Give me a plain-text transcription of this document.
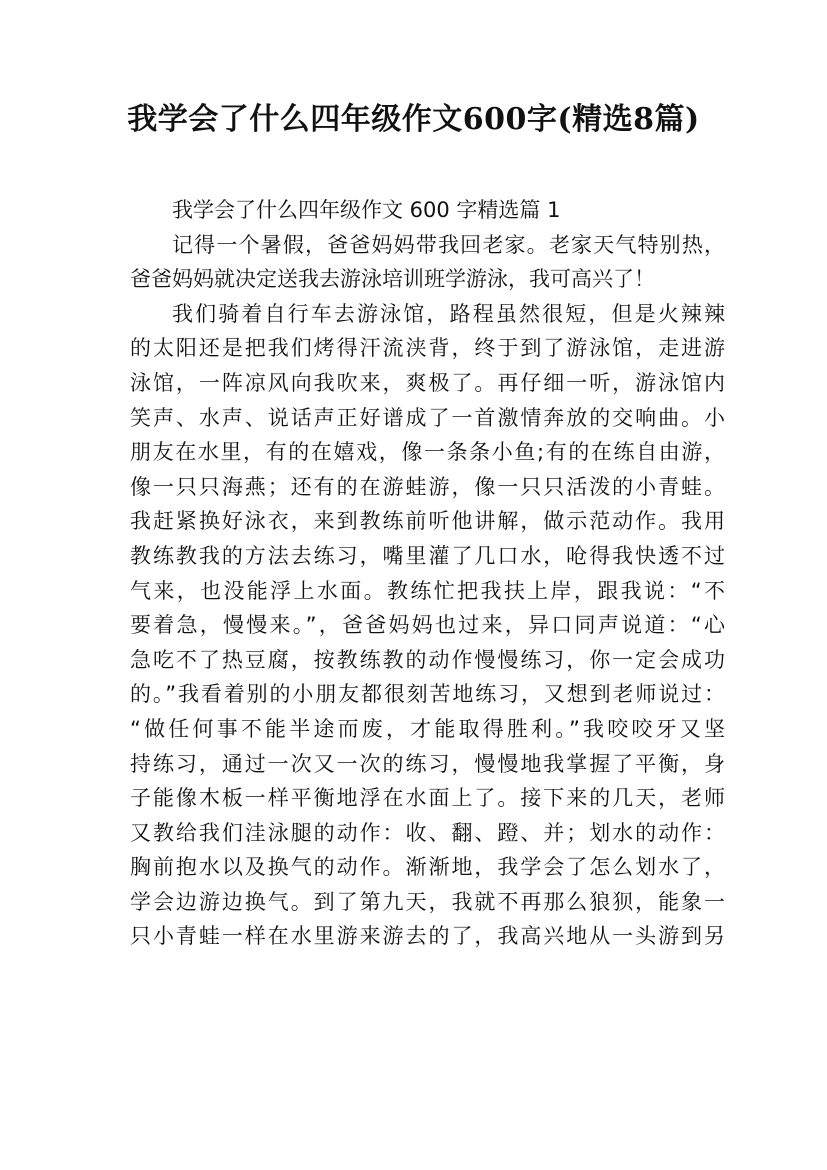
我学会了什么四年级作文600字(精选8篇)
我学会了什么四年级作文 600 字精选篇 1
记得一个暑假，爸爸妈妈带我回老家。老家天气特别热，
爸爸妈妈就决定送我去游泳培训班学游泳，我可高兴了！
我们骑着自行车去游泳馆，路程虽然很短，但是火辣辣
的太阳还是把我们烤得汗流浃背，终于到了游泳馆，走进游
泳馆，一阵凉风向我吹来，爽极了。再仔细一听，游泳馆内
笑声、水声、说话声正好谱成了一首激情奔放的交响曲。小
朋友在水里，有的在嬉戏，像一条条小鱼;有的在练自由游，
像一只只海燕；还有的在游蛙游，像一只只活泼的小青蛙。
我赶紧换好泳衣，来到教练前听他讲解，做示范动作。我用
教练教我的方法去练习，嘴里灌了几口水，呛得我快透不过
气来，也没能浮上水面。教练忙把我扶上岸，跟我说：“不
要着急，慢慢来。”，爸爸妈妈也过来，异口同声说道：“心
急吃不了热豆腐，按教练教的动作慢慢练习，你一定会成功
的。”我看着别的小朋友都很刻苦地练习，又想到老师说过：
“做任何事不能半途而废，才能取得胜利。”我咬咬牙又坚
持练习，通过一次又一次的练习，慢慢地我掌握了平衡，身
子能像木板一样平衡地浮在水面上了。接下来的几天，老师
又教给我们洼泳腿的动作：收、翻、蹬、并；划水的动作：
胸前抱水以及换气的动作。渐渐地，我学会了怎么划水了，
学会边游边换气。到了第九天，我就不再那么狼狈，能象一
只小青蛙一样在水里游来游去的了，我高兴地从一头游到另
